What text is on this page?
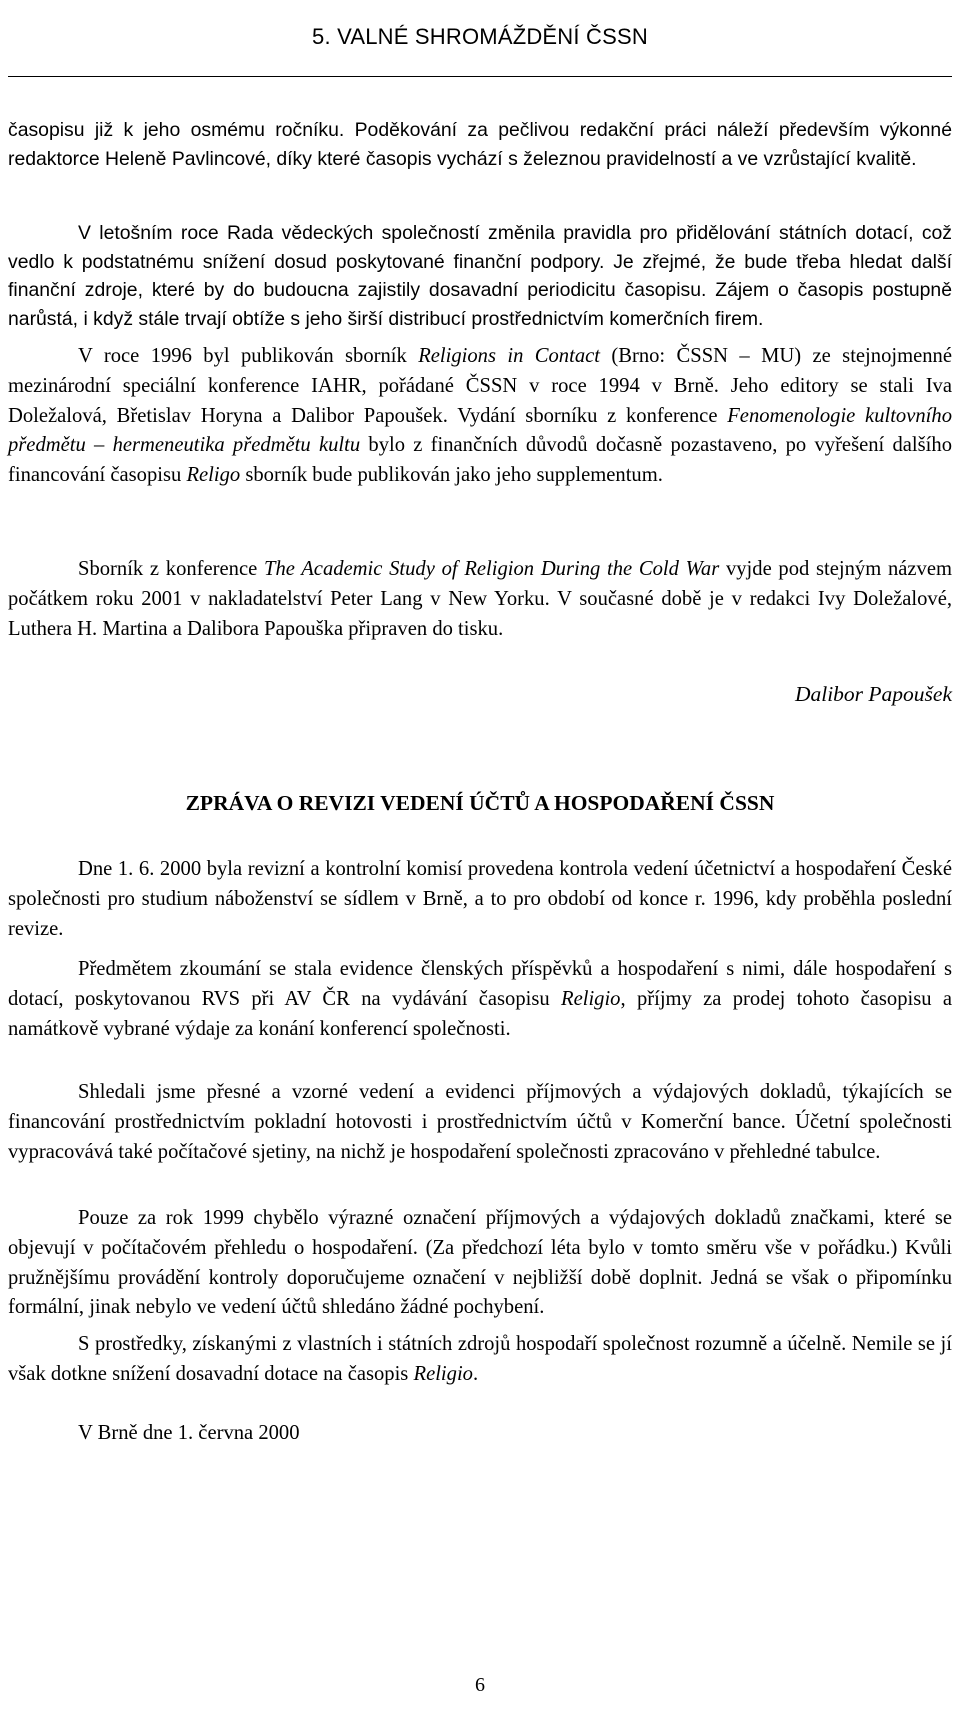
5. VALNÉ SHROMÁŽDĚNÍ ČSSN

časopisu již k jeho osmému ročníku. Poděkování za pečlivou redakční práci náleží především výkonné redaktorce Heleně Pavlincové, díky které časopis vychází s železnou pravidelností a ve vzrůstající kvalitě.

V letošním roce Rada vědeckých společností změnila pravidla pro přidělování státních dotací, což vedlo k podstatnému snížení dosud poskytované finanční podpory. Je zřejmé, že bude třeba hledat další finanční zdroje, které by do budoucna zajistily dosavadní periodicitu časopisu. Zájem o časopis postupně narůstá, i když stále trvají obtíže s jeho širší distribucí prostřednictvím komerčních firem.

V roce 1996 byl publikován sborník Religions in Contact (Brno: ČSSN – MU) ze stejnojmenné mezinárodní speciální konference IAHR, pořádané ČSSN v roce 1994 v Brně. Jeho editory se stali Iva Doležalová, Břetislav Horyna a Dalibor Papoušek. Vydání sborníku z konference Fenomenologie kultovního předmětu – hermeneutika předmětu kultu bylo z finančních důvodů dočasně pozastaveno, po vyřešení dalšího financování časopisu Religo sborník bude publikován jako jeho supplementum.

Sborník z konference The Academic Study of Religion During the Cold War vyjde pod stejným názvem počátkem roku 2001 v nakladatelství Peter Lang v New Yorku. V současné době je v redakci Ivy Doležalové, Luthera H. Martina a Dalibora Papouška připraven do tisku.

Dalibor Papoušek
ZPRÁVA O REVIZI VEDENÍ ÚČTŮ A HOSPODAŘENÍ ČSSN

Dne 1. 6. 2000 byla revizní a kontrolní komisí provedena kontrola vedení účetnictví a hospodaření České společnosti pro studium náboženství se sídlem v Brně, a to pro období od konce r. 1996, kdy proběhla poslední revize.

Předmětem zkoumání se stala evidence členských příspěvků a hospodaření s nimi, dále hospodaření s dotací, poskytovanou RVS při AV ČR na vydávání časopisu Religio, příjmy za prodej tohoto časopisu a namátkově vybrané výdaje za konání konferencí společnosti.

Shledali jsme přesné a vzorné vedení a evidenci příjmových a výdajových dokladů, týkajících se financování prostřednictvím pokladní hotovosti i prostřednictvím účtů v Komerční bance. Účetní společnosti vypracovává také počítačové sjetiny, na nichž je hospodaření společnosti zpracováno v přehledné tabulce.

Pouze za rok 1999 chybělo výrazné označení příjmových a výdajových dokladů značkami, které se objevují v počítačovém přehledu o hospodaření. (Za předchozí léta bylo v tomto směru vše v pořádku.) Kvůli pružnějšímu provádění kontroly doporučujeme označení v nejbližší době doplnit. Jedná se však o připomínku formální, jinak nebylo ve vedení účtů shledáno žádné pochybení.

S prostředky, získanými z vlastních i státních zdrojů hospodaří společnost rozumně a účelně. Nemile se jí však dotkne snížení dosavadní dotace na časopis Religio.

V Brně dne 1. června 2000
6
